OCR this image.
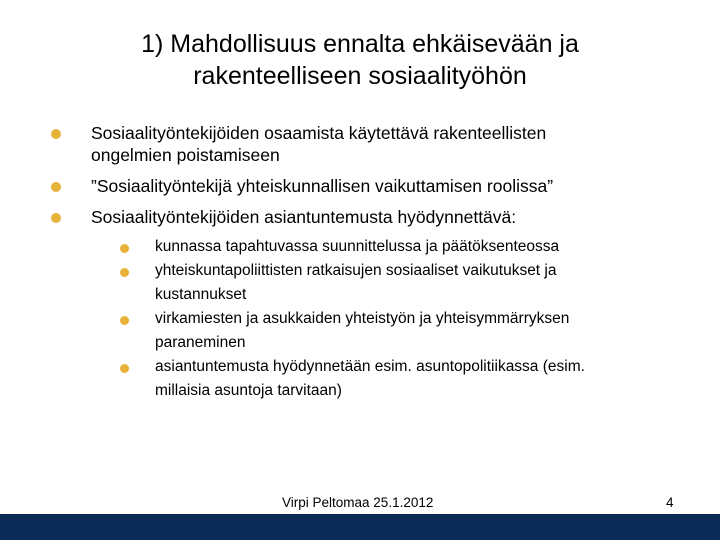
1) Mahdollisuus ennalta ehkäisevään ja
rakenteelliseen sosiaalityöhön
Sosiaalityöntekijöiden osaamista käytettävä rakenteellisten
ongelmien poistamiseen
”Sosiaalityöntekijä yhteiskunnallisen vaikuttamisen roolissa”
Sosiaalityöntekijöiden asiantuntemusta hyödynnettävä:
kunnassa tapahtuvassa suunnittelussa ja päätöksenteossa
yhteiskuntapoliittisten ratkaisujen sosiaaliset vaikutukset ja
kustannukset
virkamiesten ja asukkaiden yhteistyön ja yhteisymmärryksen
paraneminen
asiantuntemusta hyödynnetään esim. asuntopolitiikassa (esim.
millaisia asuntoja tarvitaan)
Virpi Peltomaa 25.1.2012	4
